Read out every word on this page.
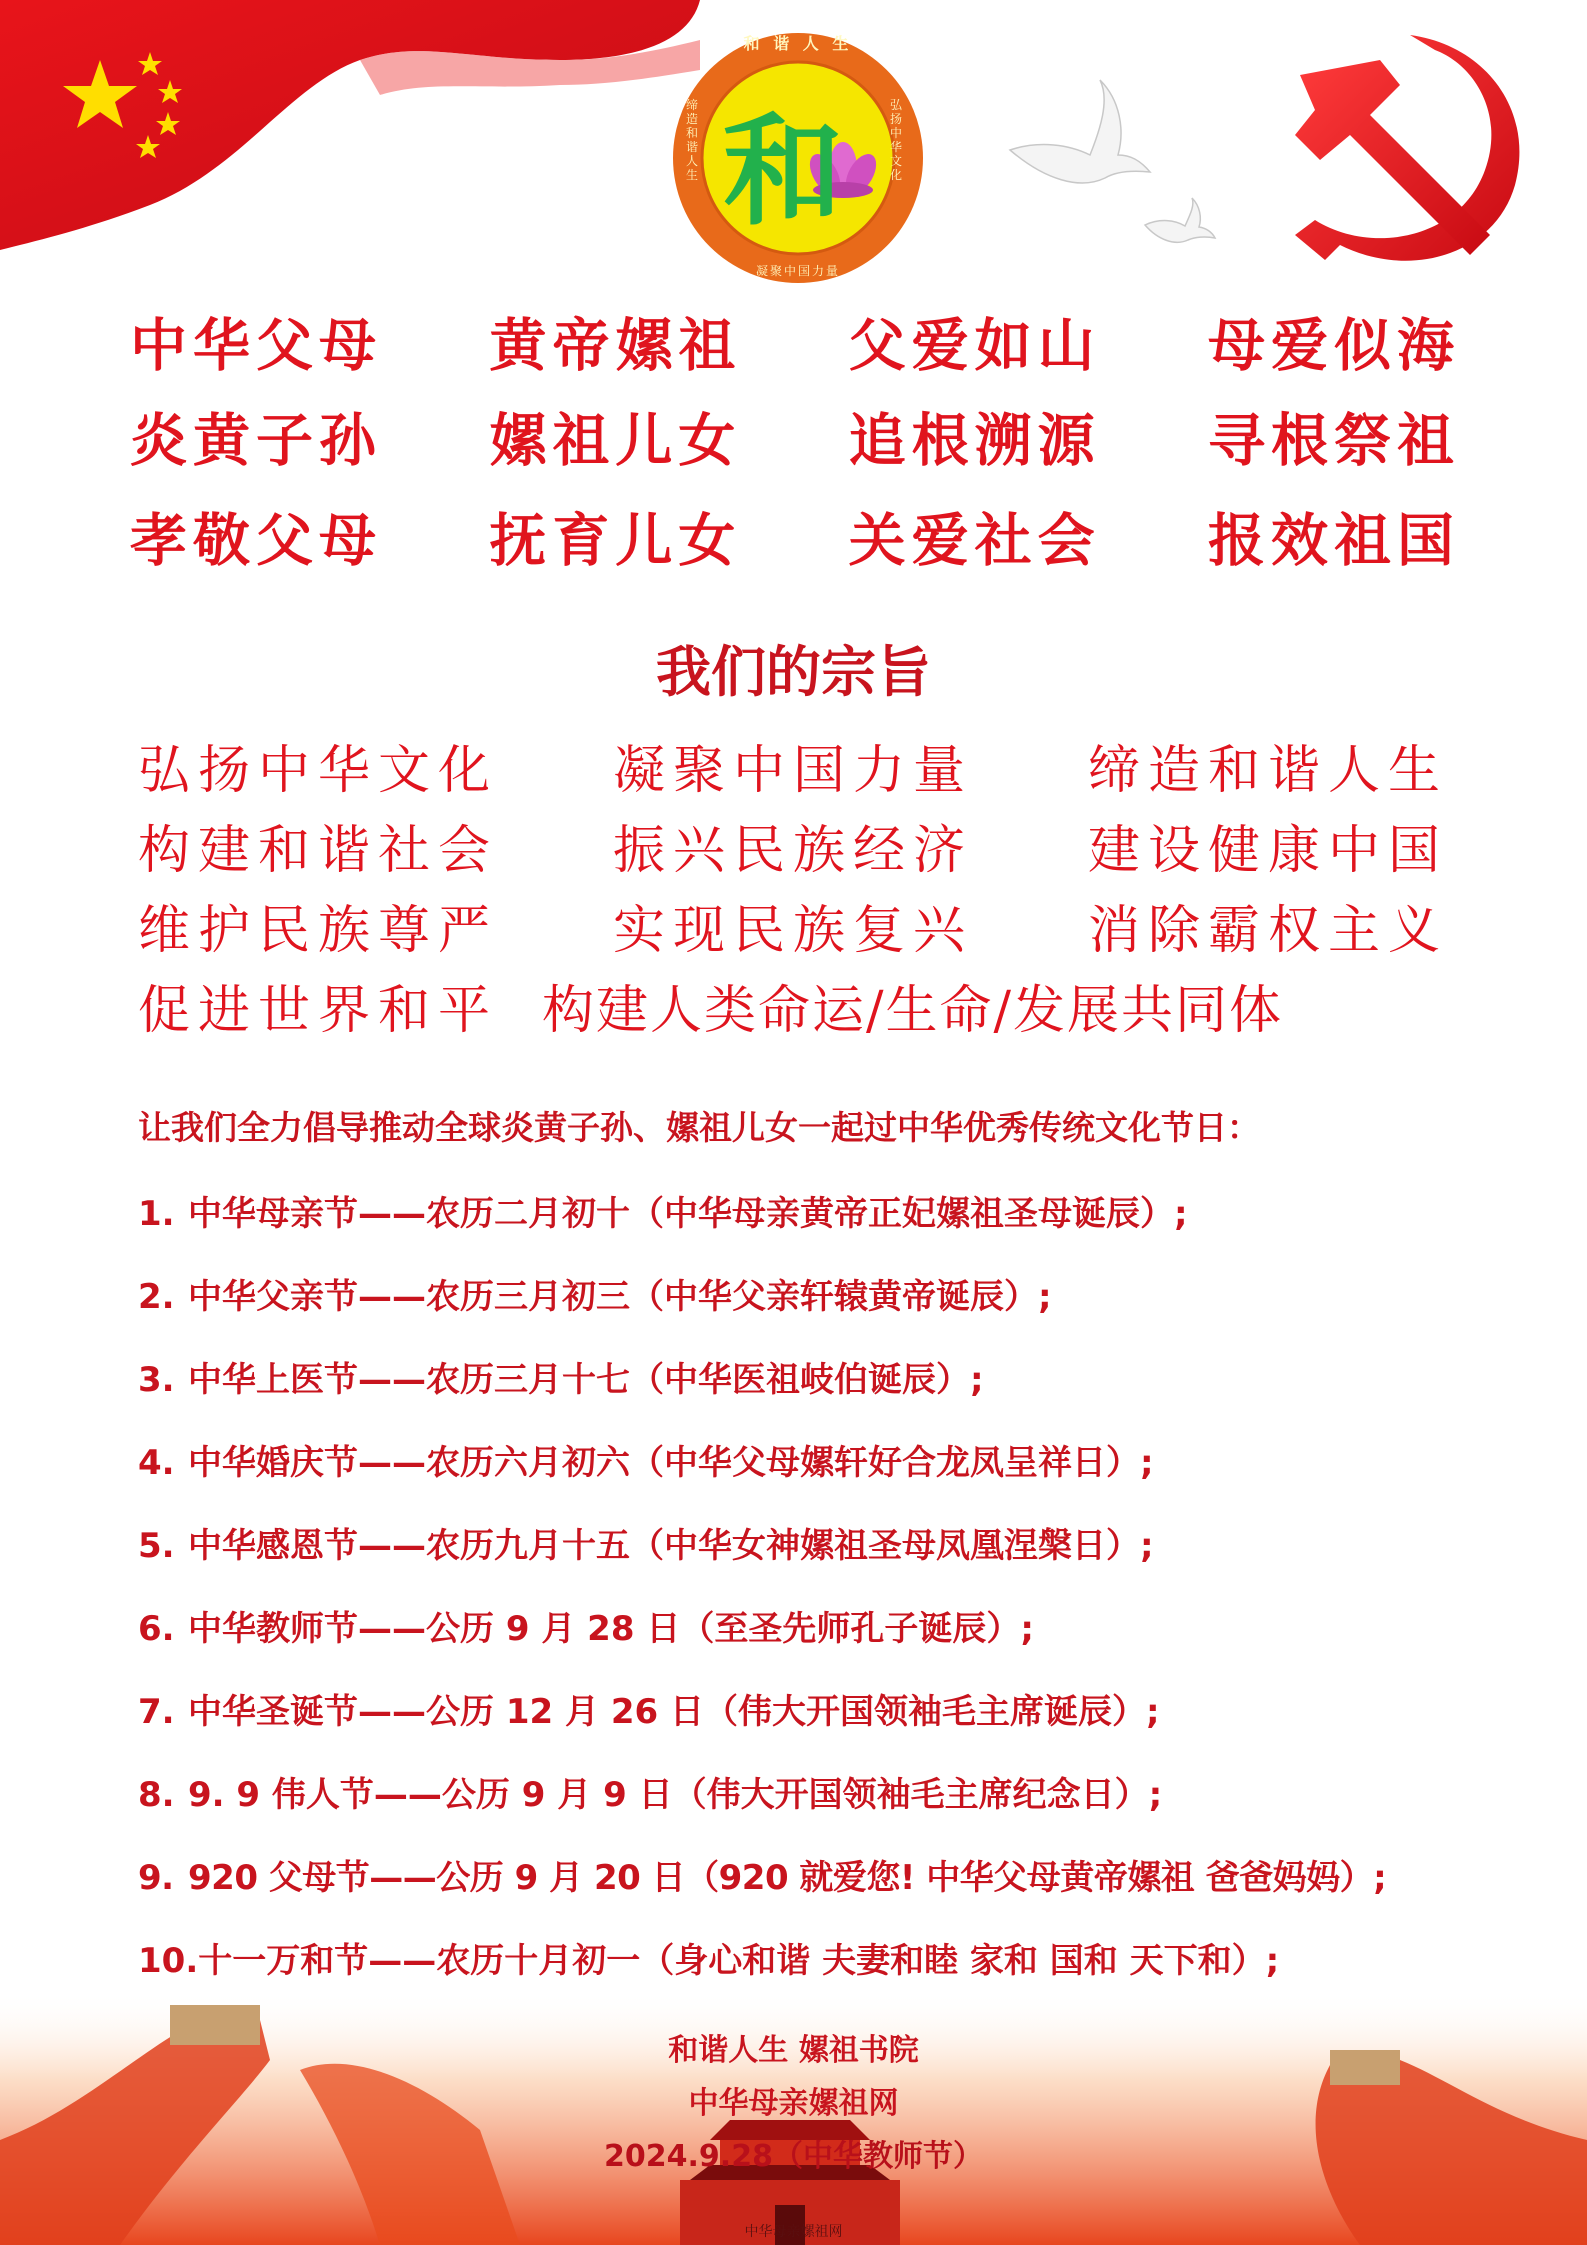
和
和 谐 人 生
弘扬中华文化
凝聚中国力量
缔造和谐人生
中华父母 黄帝嫘祖 父爱如山 母爱似海
炎黄子孙 嫘祖儿女 追根溯源 寻根祭祖
孝敬父母 抚育儿女 关爱社会 报效祖国
我们的宗旨
弘扬中华文化 凝聚中国力量 缔造和谐人生
构建和谐社会 振兴民族经济 建设健康中国
维护民族尊严 实现民族复兴 消除霸权主义
促进世界和平 构建人类命运/生命/发展共同体
让我们全力倡导推动全球炎黄子孙、嫘祖儿女一起过中华优秀传统文化节日：
1. 中华母亲节——农历二月初十（中华母亲黄帝正妃嫘祖圣母诞辰）;
2. 中华父亲节——农历三月初三（中华父亲轩辕黄帝诞辰）;
3. 中华上医节——农历三月十七（中华医祖岐伯诞辰）;
4. 中华婚庆节——农历六月初六（中华父母嫘轩好合龙凤呈祥日）;
5. 中华感恩节——农历九月十五（中华女神嫘祖圣母凤凰涅槃日）;
6. 中华教师节——公历 9 月 28 日（至圣先师孔子诞辰）;
7. 中华圣诞节——公历 12 月 26 日（伟大开国领袖毛主席诞辰）;
8. 9. 9 伟人节——公历 9 月 9 日（伟大开国领袖毛主席纪念日）;
9. 920 父母节——公历 9 月 20 日（920 就爱您! 中华父母黄帝嫘祖 爸爸妈妈）;
10.十一万和节——农历十月初一（身心和谐 夫妻和睦 家和 国和 天下和）;
和谐人生 嫘祖书院
中华母亲嫘祖网
2024.9.28（中华教师节）
中华母亲嫘祖网
